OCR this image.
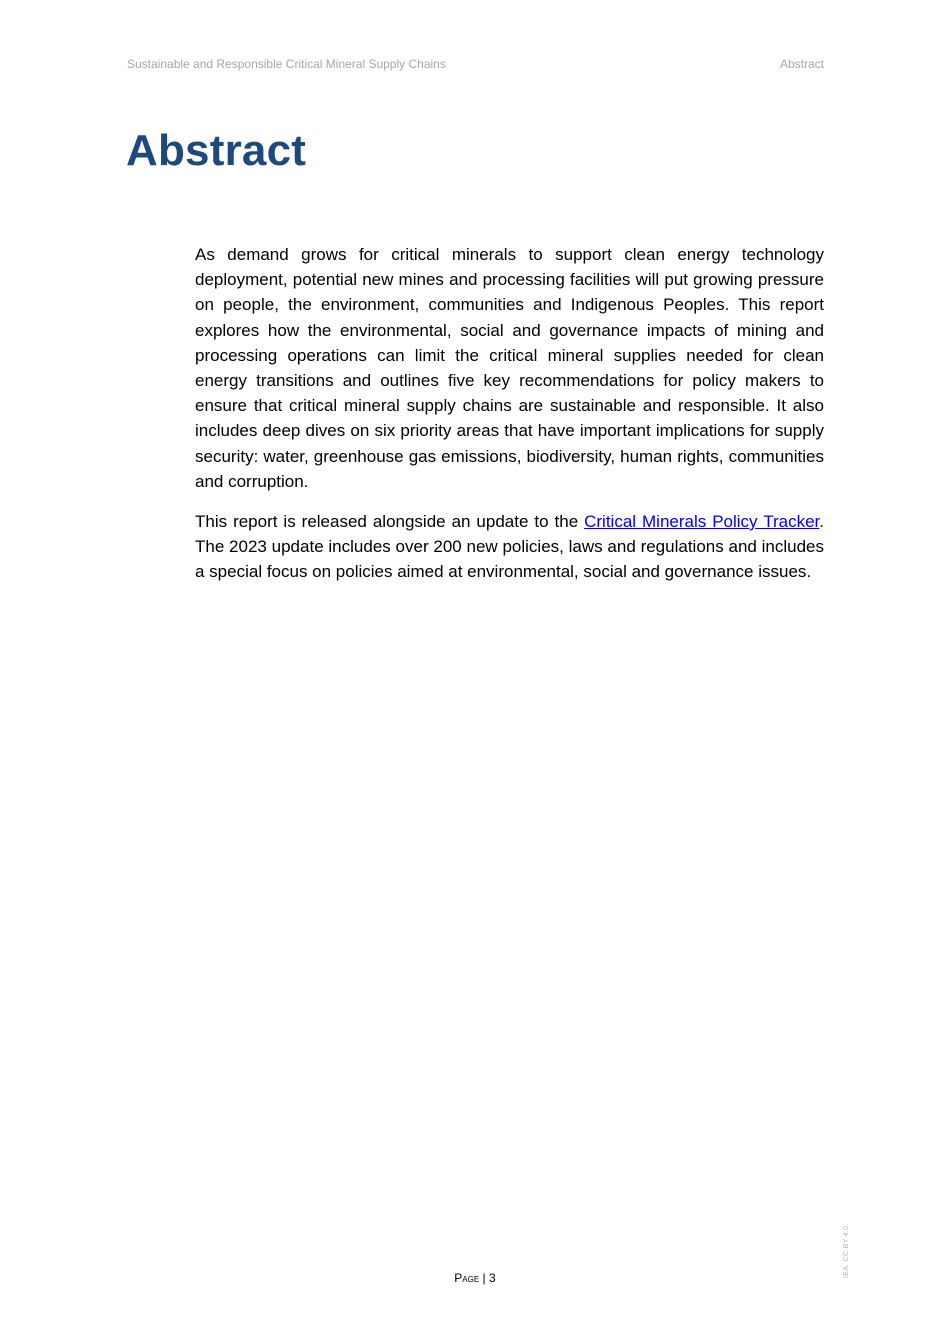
Sustainable and Responsible Critical Mineral Supply Chains	Abstract
Abstract

As demand grows for critical minerals to support clean energy technology deployment, potential new mines and processing facilities will put growing pressure on people, the environment, communities and Indigenous Peoples. This report explores how the environmental, social and governance impacts of mining and processing operations can limit the critical mineral supplies needed for clean energy transitions and outlines five key recommendations for policy makers to ensure that critical mineral supply chains are sustainable and responsible. It also includes deep dives on six priority areas that have important implications for supply security: water, greenhouse gas emissions, biodiversity, human rights, communities and corruption.

This report is released alongside an update to the Critical Minerals Policy Tracker. The 2023 update includes over 200 new policies, laws and regulations and includes a special focus on policies aimed at environmental, social and governance issues.

Page | 3	IEA. CC BY 4.0.
